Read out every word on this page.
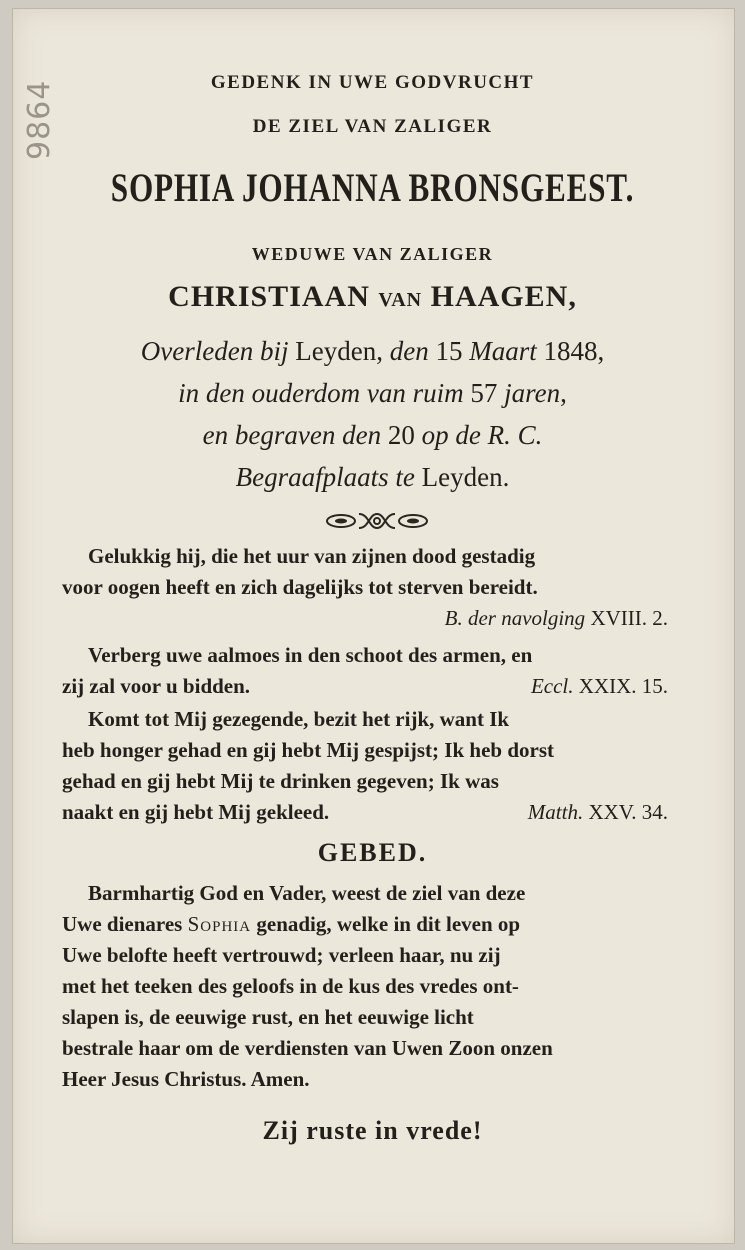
9864	GEDENK IN UWE GODVRUCHT
DE ZIEL VAN ZALIGER
SOPHIA JOHANNA BRONSGEEST.
WEDUWE VAN ZALIGER
CHRISTIAAN VAN HAAGEN,
Overleden bij Leyden, den 15 Maart 1848,
in den ouderdom van ruim 57 jaren,
en begraven den 20 op de R. C.
Begraafplaats te Leyden.
Gelukkig hij, die het uur van zijnen dood gestadig
voor oogen heeft en zich dagelijks tot sterven bereidt.
B. der navolging XVIII. 2.
Verberg uwe aalmoes in den schoot des armen, en
zij zal voor u bidden.	Eccl. XXIX. 15.
Komt tot Mij gezegende, bezit het rijk, want Ik
heb honger gehad en gij hebt Mij gespijst; Ik heb dorst
gehad en gij hebt Mij te drinken gegeven; Ik was
naakt en gij hebt Mij gekleed.	Matth. XXV. 34.
GEBED.
Barmhartig God en Vader, weest de ziel van deze
Uwe dienares Sophia genadig, welke in dit leven op
Uwe belofte heeft vertrouwd; verleen haar, nu zij
met het teeken des geloofs in de kus des vredes ont-
slapen is, de eeuwige rust, en het eeuwige licht
bestrale haar om de verdiensten van Uwen Zoon onzen
Heer Jesus Christus. Amen.
Zij ruste in vrede!
